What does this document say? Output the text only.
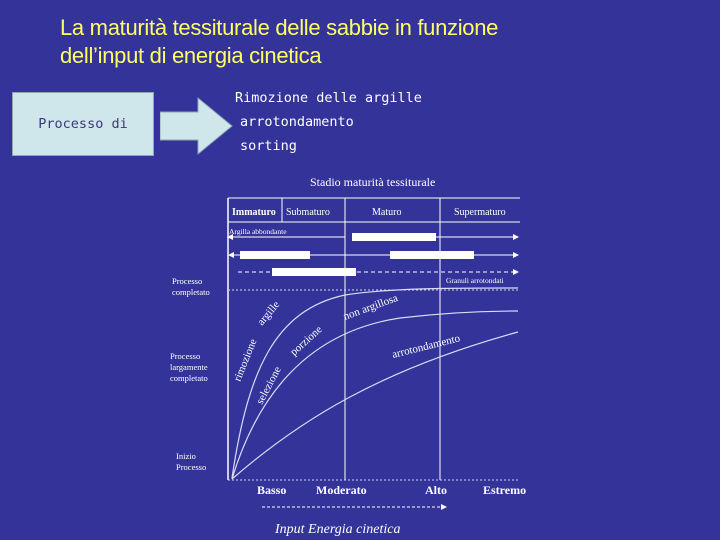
La maturità tessiturale delle sabbie in funzione
dell’input di energia cinetica
Processo di
Rimozione delle argille
arrotondamento
sorting
Stadio maturità tessiturale
Immaturo Submaturo	Maturo	Supermaturo
Argilla abbondante
Granuli arrotondati
Processo
completato
Processo
largamente
completato
Inizio
Processo
rimozione
argille
selezione
porzione
non argillosa
arrotondamento
Basso Moderato	Alto	Estremo
Input Energia cinetica
